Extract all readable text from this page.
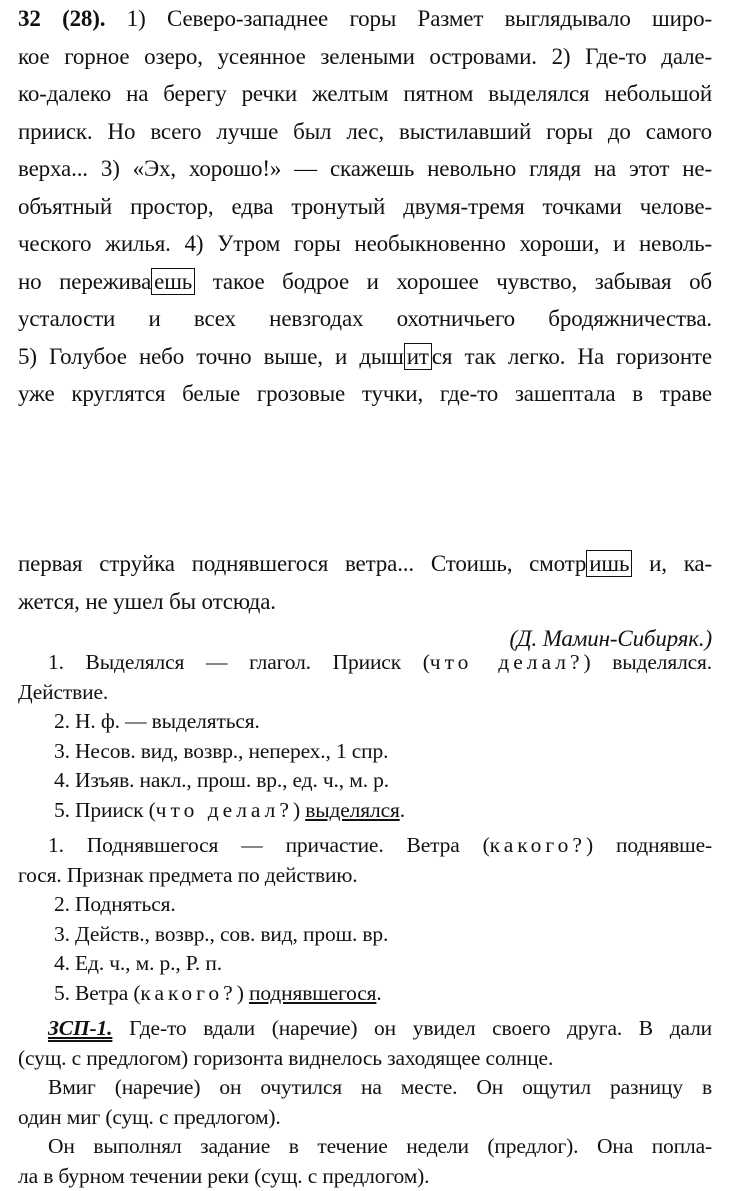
32 (28). 1) Северо-западнее горы Размет выглядывало широ-
кое горное озеро, усеянное зелеными островами. 2) Где-то дале-
ко-далеко на берегу речки желтым пятном выделялся небольшой
прииск. Но всего лучше был лес, выстилавший горы до самого
верха... 3) «Эх, хорошо!» — скажешь невольно глядя на этот не-
объятный простор, едва тронутый двумя-тремя точками челове-
ческого жилья. 4) Утром горы необыкновенно хороши, и неволь-
но пережива ешь такое бодрое и хорошее чувство, забывая об
усталости и всех невзгодах охотничьего бродяжничества.
5) Голубое небо точно выше, и дыш ит ся так легко. На горизонте
уже круглятся белые грозовые тучки, где-то зашептала в траве
первая струйка поднявшегося ветра... Стоишь, смотр ишь и, ка-
жется, не ушел бы отсюда.
(Д. Мамин-Сибиряк.)
1. Выделялся — глагол. Прииск (что делал?) выделялся.
Действие.
2. Н. ф. — выделяться.
3. Несов. вид, возвр., неперех., 1 спр.
4. Изъяв. накл., прош. вр., ед. ч., м. р.
5. Прииск (что делал?) выделялся.
1. Поднявшегося — причастие. Ветра (какого?) поднявше-
гося. Признак предмета по действию.
2. Подняться.
3. Действ., возвр., сов. вид, прош. вр.
4. Ед. ч., м. р., Р. п.
5. Ветра (какого?) поднявшегося.
ЗСП-1. Где-то вдали (наречие) он увидел своего друга. В дали
(сущ. с предлогом) горизонта виднелось заходящее солнце.
Вмиг (наречие) он очутился на месте. Он ощутил разницу в
один миг (сущ. с предлогом).
Он выполнял задание в течение недели (предлог). Она попла-
ла в бурном течении реки (сущ. с предлогом).
